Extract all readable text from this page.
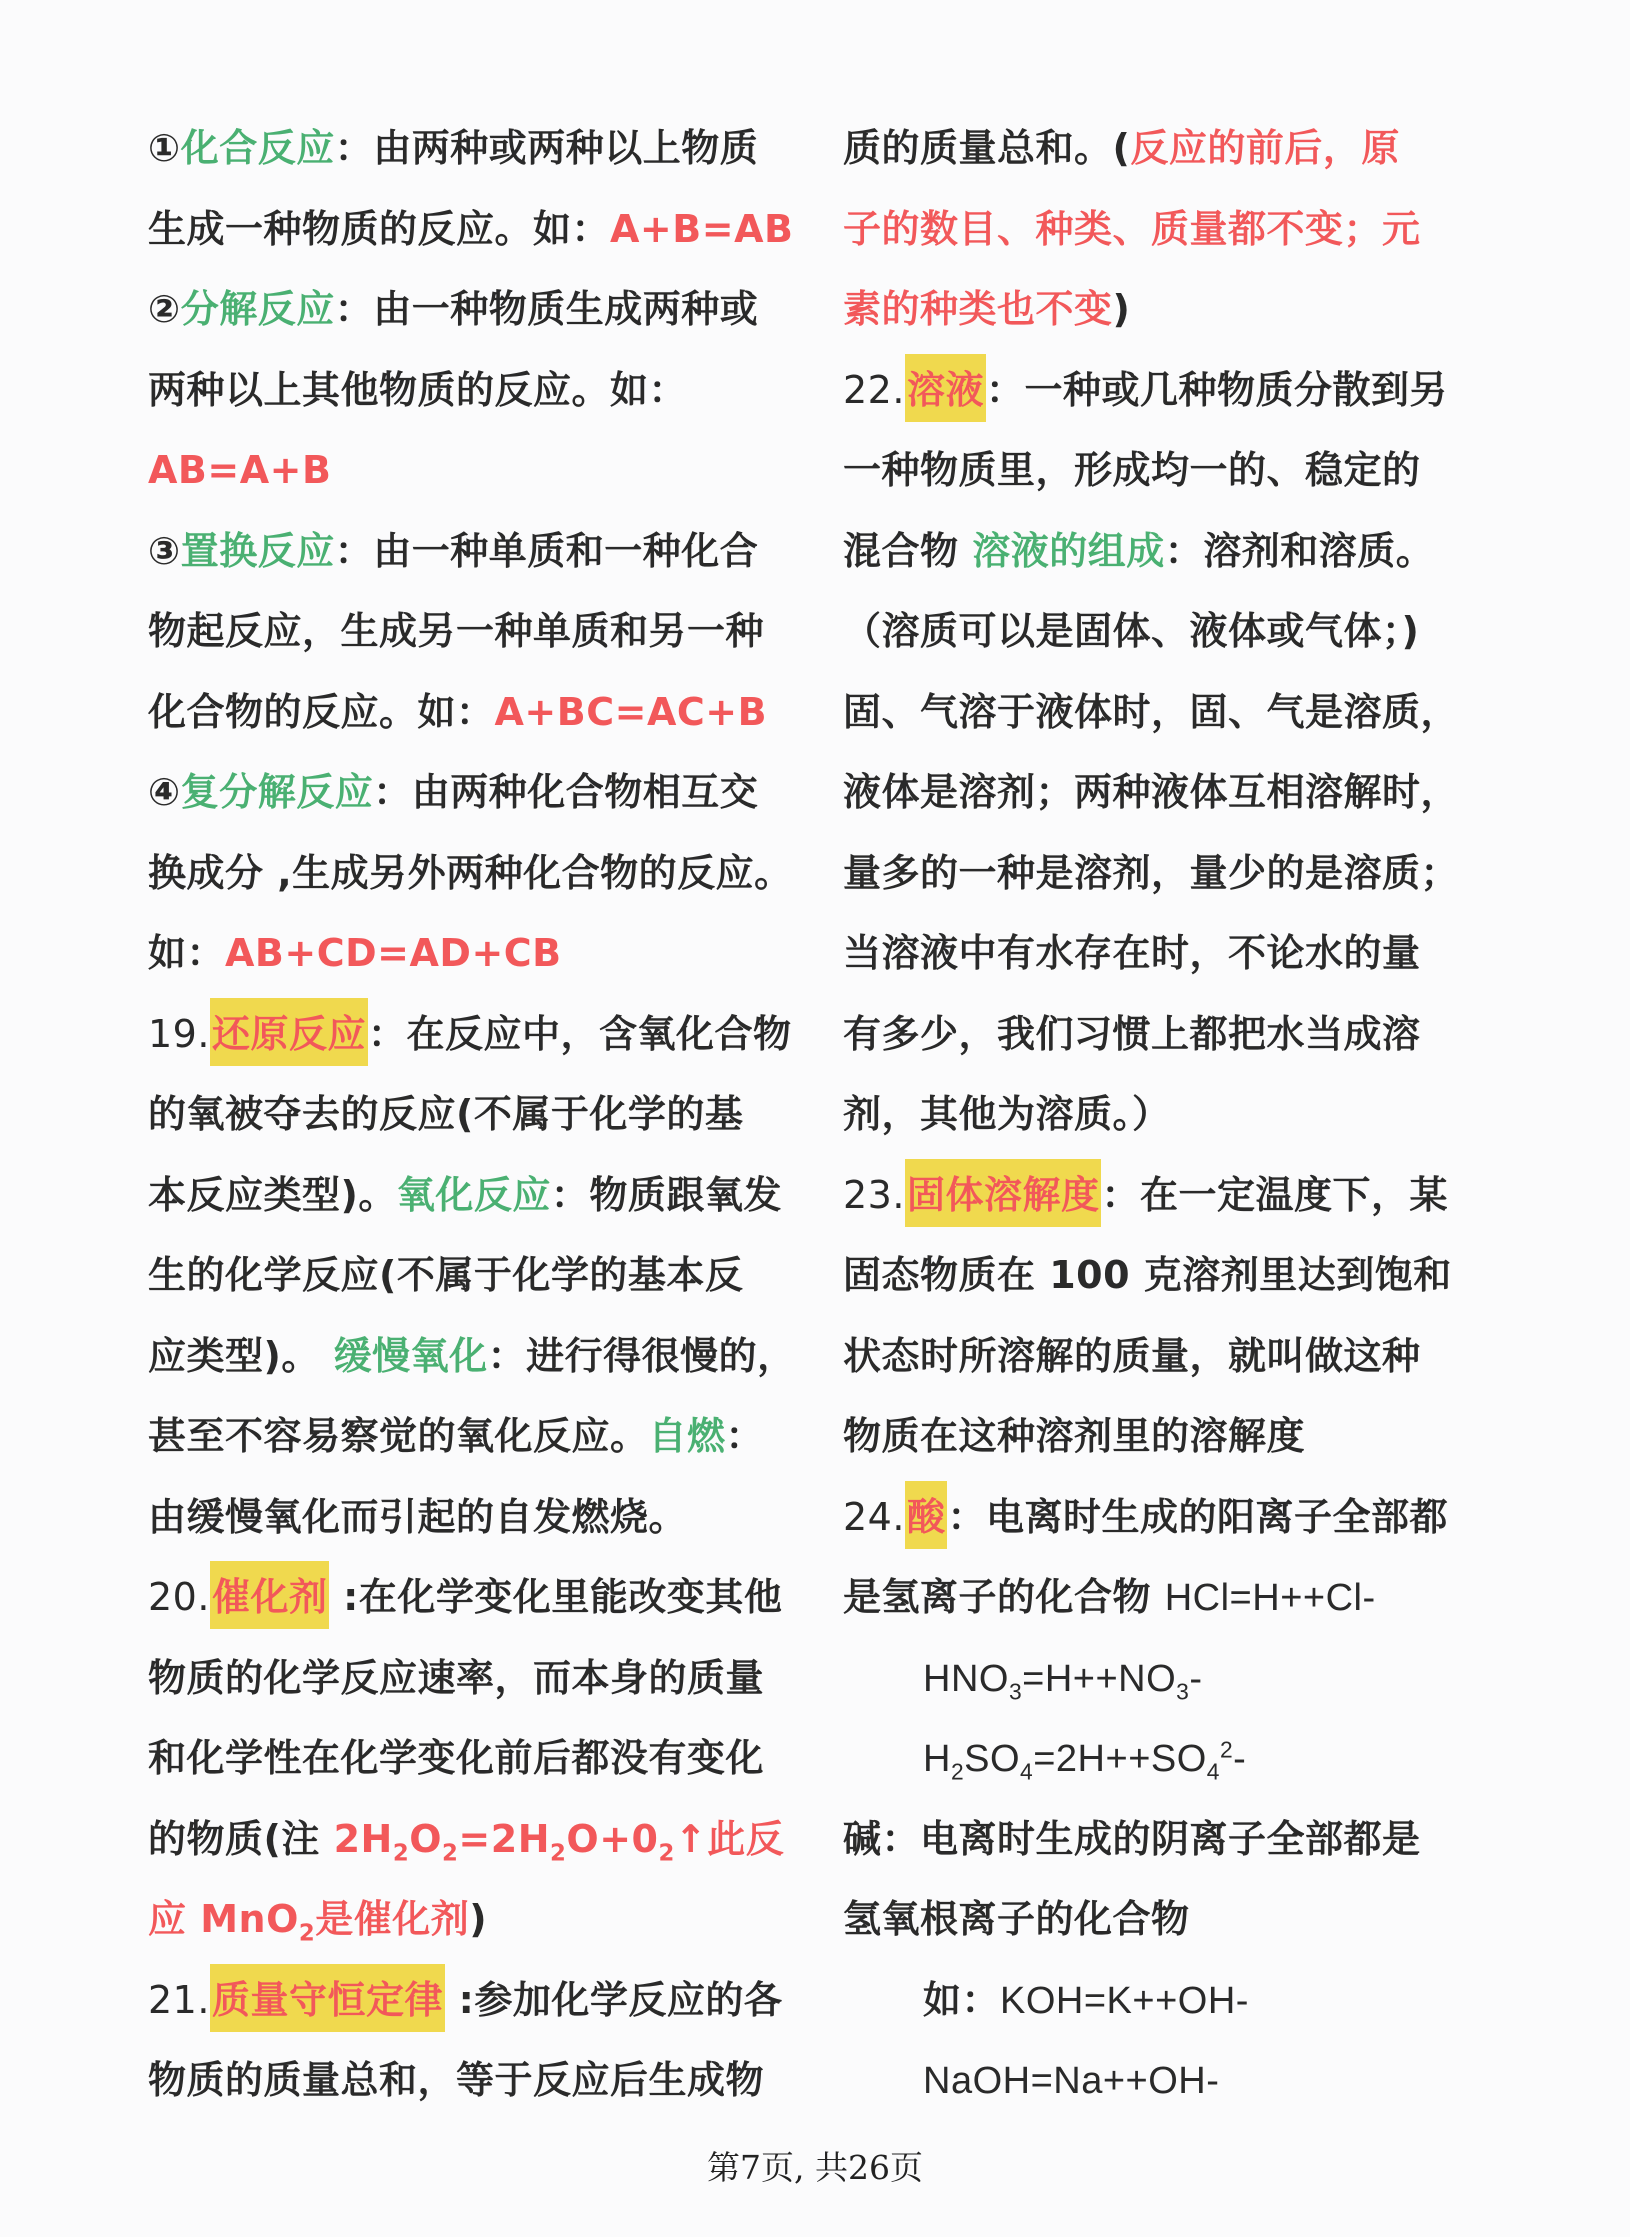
①化合反应：由两种或两种以上物质
生成一种物质的反应。如：A+B=AB
②分解反应：由一种物质生成两种或
两种以上其他物质的反应。如：
AB=A+B
③置换反应：由一种单质和一种化合
物起反应，生成另一种单质和另一种
化合物的反应。如：A+BC=AC+B
④复分解反应：由两种化合物相互交
换成分 ,生成另外两种化合物的反应。
如：AB+CD=AD+CB
19.还原反应：在反应中，含氧化合物
的氧被夺去的反应(不属于化学的基
本反应类型)。氧化反应：物质跟氧发
生的化学反应(不属于化学的基本反
应类型)。 缓慢氧化：进行得很慢的，
甚至不容易察觉的氧化反应。自燃：
由缓慢氧化而引起的自发燃烧。
20.催化剂 :在化学变化里能改变其他
物质的化学反应速率，而本身的质量
和化学性在化学变化前后都没有变化
的物质(注 $2H_2O_2=2H_2O+0_2↑$此反
应 MnO$_2$是催化剂)
21.质量守恒定律 :参加化学反应的各
物质的质量总和，等于反应后生成物
质的质量总和。(反应的前后，原
子的数目、种类、质量都不变；元
素的种类也不变)
22.溶液：一种或几种物质分散到另
一种物质里，形成均一的、稳定的
混合物 溶液的组成：溶剂和溶质。
（溶质可以是固体、液体或气体；)
固、气溶于液体时，固、气是溶质，
液体是溶剂；两种液体互相溶解时，
量多的一种是溶剂，量少的是溶质；
当溶液中有水存在时，不论水的量
有多少，我们习惯上都把水当成溶
剂，其他为溶质。）
23.固体溶解度：在一定温度下，某
固态物质在 100 克溶剂里达到饱和
状态时所溶解的质量，就叫做这种
物质在这种溶剂里的溶解度
24.酸：电离时生成的阳离子全部都
是氢离子的化合物 HCl=H++Cl-
$HNO_3=H++NO_3-$
$H_2SO_4=2H++SO_4^2-$
碱：电离时生成的阴离子全部都是
氢氧根离子的化合物
如：KOH=K++OH-
NaOH=Na++OH-
第7页, 共26页
